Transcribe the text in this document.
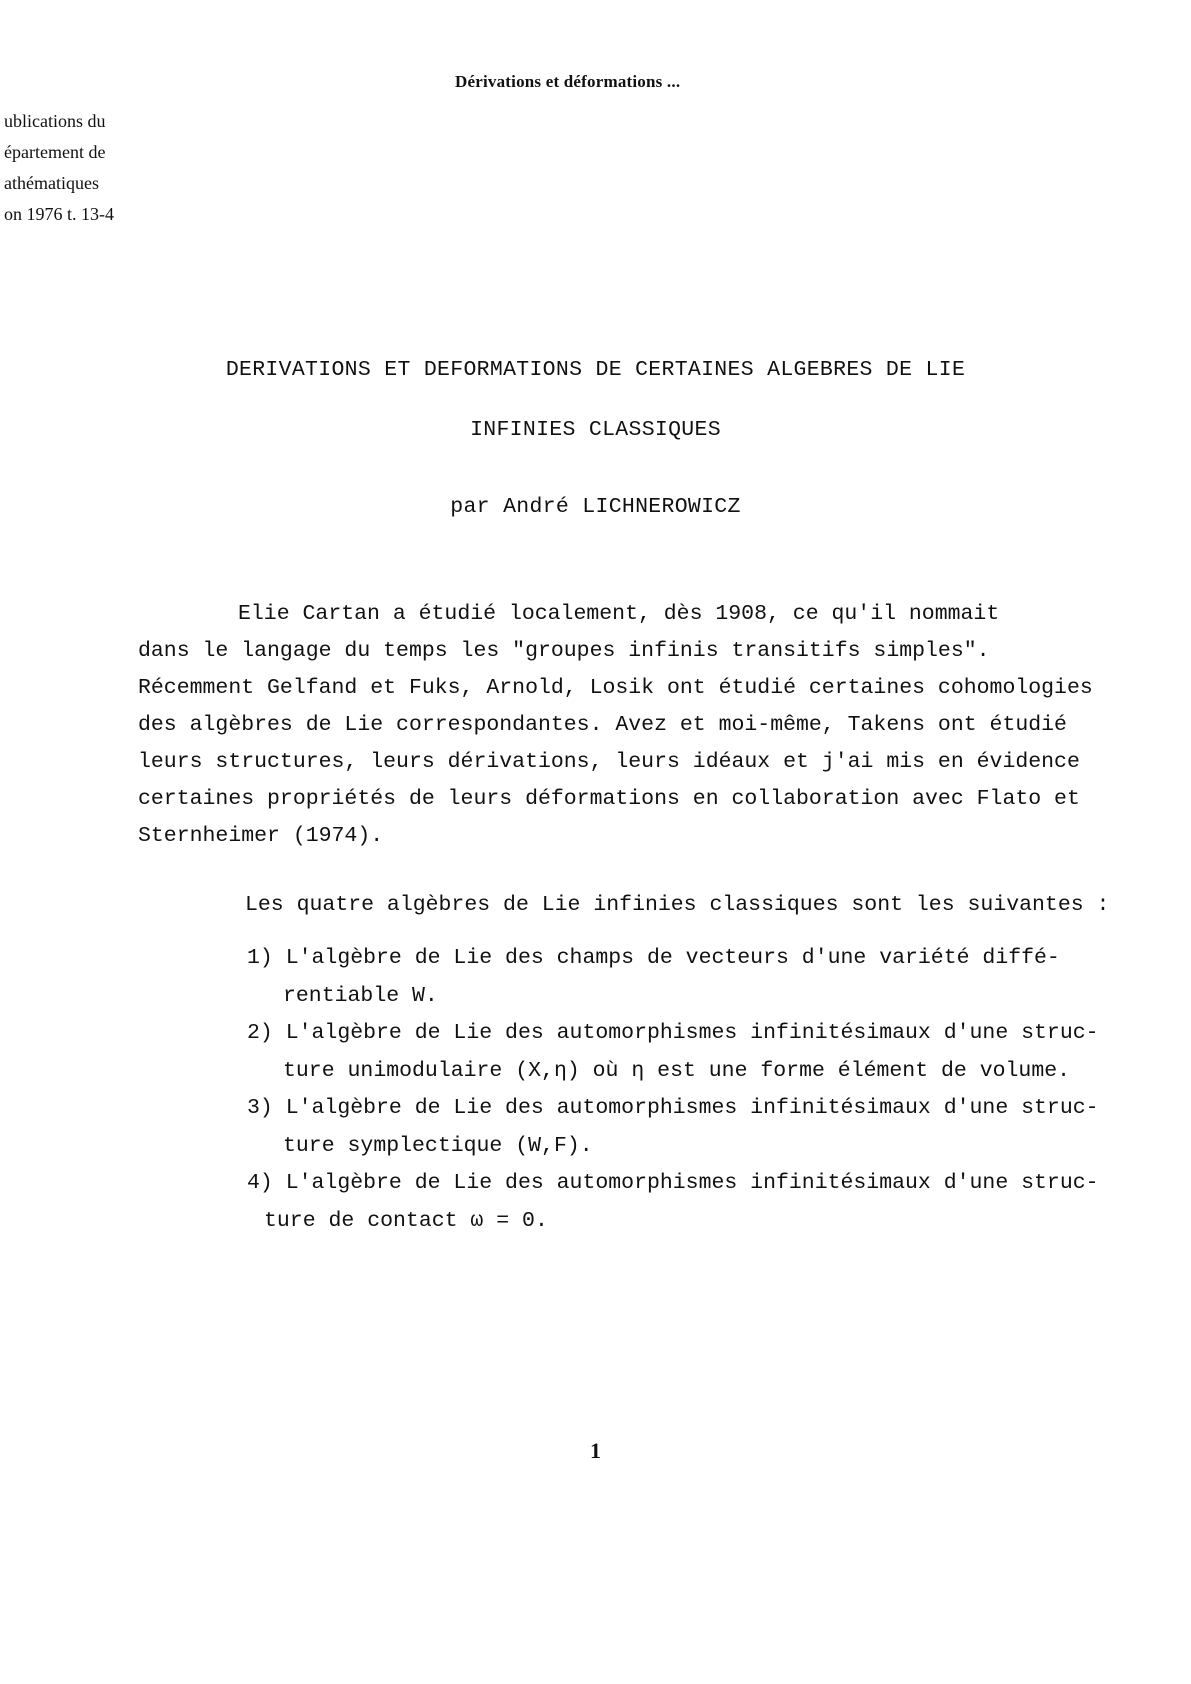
Dérivations et déformations ...
ublications du
épartement de
athématiques
on 1976 t. 13-4
DERIVATIONS ET DEFORMATIONS DE CERTAINES ALGEBRES DE LIE
INFINIES CLASSIQUES
par André LICHNEROWICZ
Elie Cartan a étudié localement, dès 1908, ce qu'il nommait
dans le langage du temps les "groupes infinis transitifs simples".
Récemment Gelfand et Fuks, Arnold, Losik ont étudié certaines cohomologies
des algèbres de Lie correspondantes. Avez et moi-même, Takens ont étudié
leurs structures, leurs dérivations, leurs idéaux et j'ai mis en évidence
certaines propriétés de leurs déformations en collaboration avec Flato et
Sternheimer (1974).
Les quatre algèbres de Lie infinies classiques sont les suivantes :
1) L'algèbre de Lie des champs de vecteurs d'une variété diffé-
rentiable W.
2) L'algèbre de Lie des automorphismes infinitésimaux d'une struc-
ture unimodulaire (X,η) où η est une forme élément de volume.
3) L'algèbre de Lie des automorphismes infinitésimaux d'une struc-
ture symplectique (W,F).
4) L'algèbre de Lie des automorphismes infinitésimaux d'une struc-
ture de contact ω = 0.
1
